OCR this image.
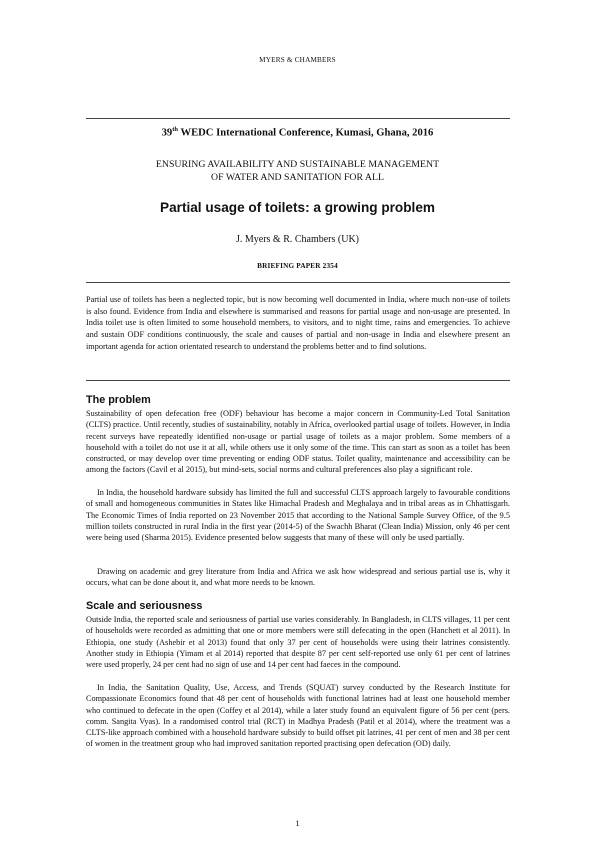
MYERS & CHAMBERS
39th WEDC International Conference, Kumasi, Ghana, 2016
ENSURING AVAILABILITY AND SUSTAINABLE MANAGEMENT
OF WATER AND SANITATION FOR ALL
Partial usage of toilets: a growing problem
J. Myers & R. Chambers (UK)
BRIEFING PAPER 2354
Partial use of toilets has been a neglected topic, but is now becoming well documented in India, where much non-use of toilets is also found. Evidence from India and elsewhere is summarised and reasons for partial usage and non-usage are presented. In India toilet use is often limited to some household members, to visitors, and to night time, rains and emergencies. To achieve and sustain ODF conditions continuously, the scale and causes of partial and non-usage in India and elsewhere present an important agenda for action orientated research to understand the problems better and to find solutions.
The problem

Sustainability of open defecation free (ODF) behaviour has become a major concern in Community-Led Total Sanitation (CLTS) practice. Until recently, studies of sustainability, notably in Africa, overlooked partial usage of toilets. However, in India recent surveys have repeatedly identified non-usage or partial usage of toilets as a major problem. Some members of a household with a toilet do not use it at all, while others use it only some of the time. This can start as soon as a toilet has been constructed, or may develop over time preventing or ending ODF status. Toilet quality, maintenance and accessibility can be among the factors (Cavil et al 2015), but mind-sets, social norms and cultural preferences also play a significant role.

In India, the household hardware subsidy has limited the full and successful CLTS approach largely to favourable conditions of small and homogeneous communities in States like Himachal Pradesh and Meghalaya and in tribal areas as in Chhattisgarh. The Economic Times of India reported on 23 November 2015 that according to the National Sample Survey Office, of the 9.5 million toilets constructed in rural India in the first year (2014-5) of the Swachh Bharat (Clean India) Mission, only 46 per cent were being used (Sharma 2015). Evidence presented below suggests that many of these will only be used partially.

Drawing on academic and grey literature from India and Africa we ask how widespread and serious partial use is, why it occurs, what can be done about it, and what more needs to be known.

Scale and seriousness

Outside India, the reported scale and seriousness of partial use varies considerably. In Bangladesh, in CLTS villages, 11 per cent of households were recorded as admitting that one or more members were still defecating in the open (Hanchett et al 2011). In Ethiopia, one study (Ashebir et al 2013) found that only 37 per cent of households were using their latrines consistently. Another study in Ethiopia (Yimam et al 2014) reported that despite 87 per cent self-reported use only 61 per cent of latrines were used properly, 24 per cent had no sign of use and 14 per cent had faeces in the compound.

In India, the Sanitation Quality, Use, Access, and Trends (SQUAT) survey conducted by the Research Institute for Compassionate Economics found that 48 per cent of households with functional latrines had at least one household member who continued to defecate in the open (Coffey et al 2014), while a later study found an equivalent figure of 56 per cent (pers. comm. Sangita Vyas). In a randomised control trial (RCT) in Madhya Pradesh (Patil et al 2014), where the treatment was a CLTS-like approach combined with a household hardware subsidy to build offset pit latrines, 41 per cent of men and 38 per cent of women in the treatment group who had improved sanitation reported practising open defecation (OD) daily.

1
